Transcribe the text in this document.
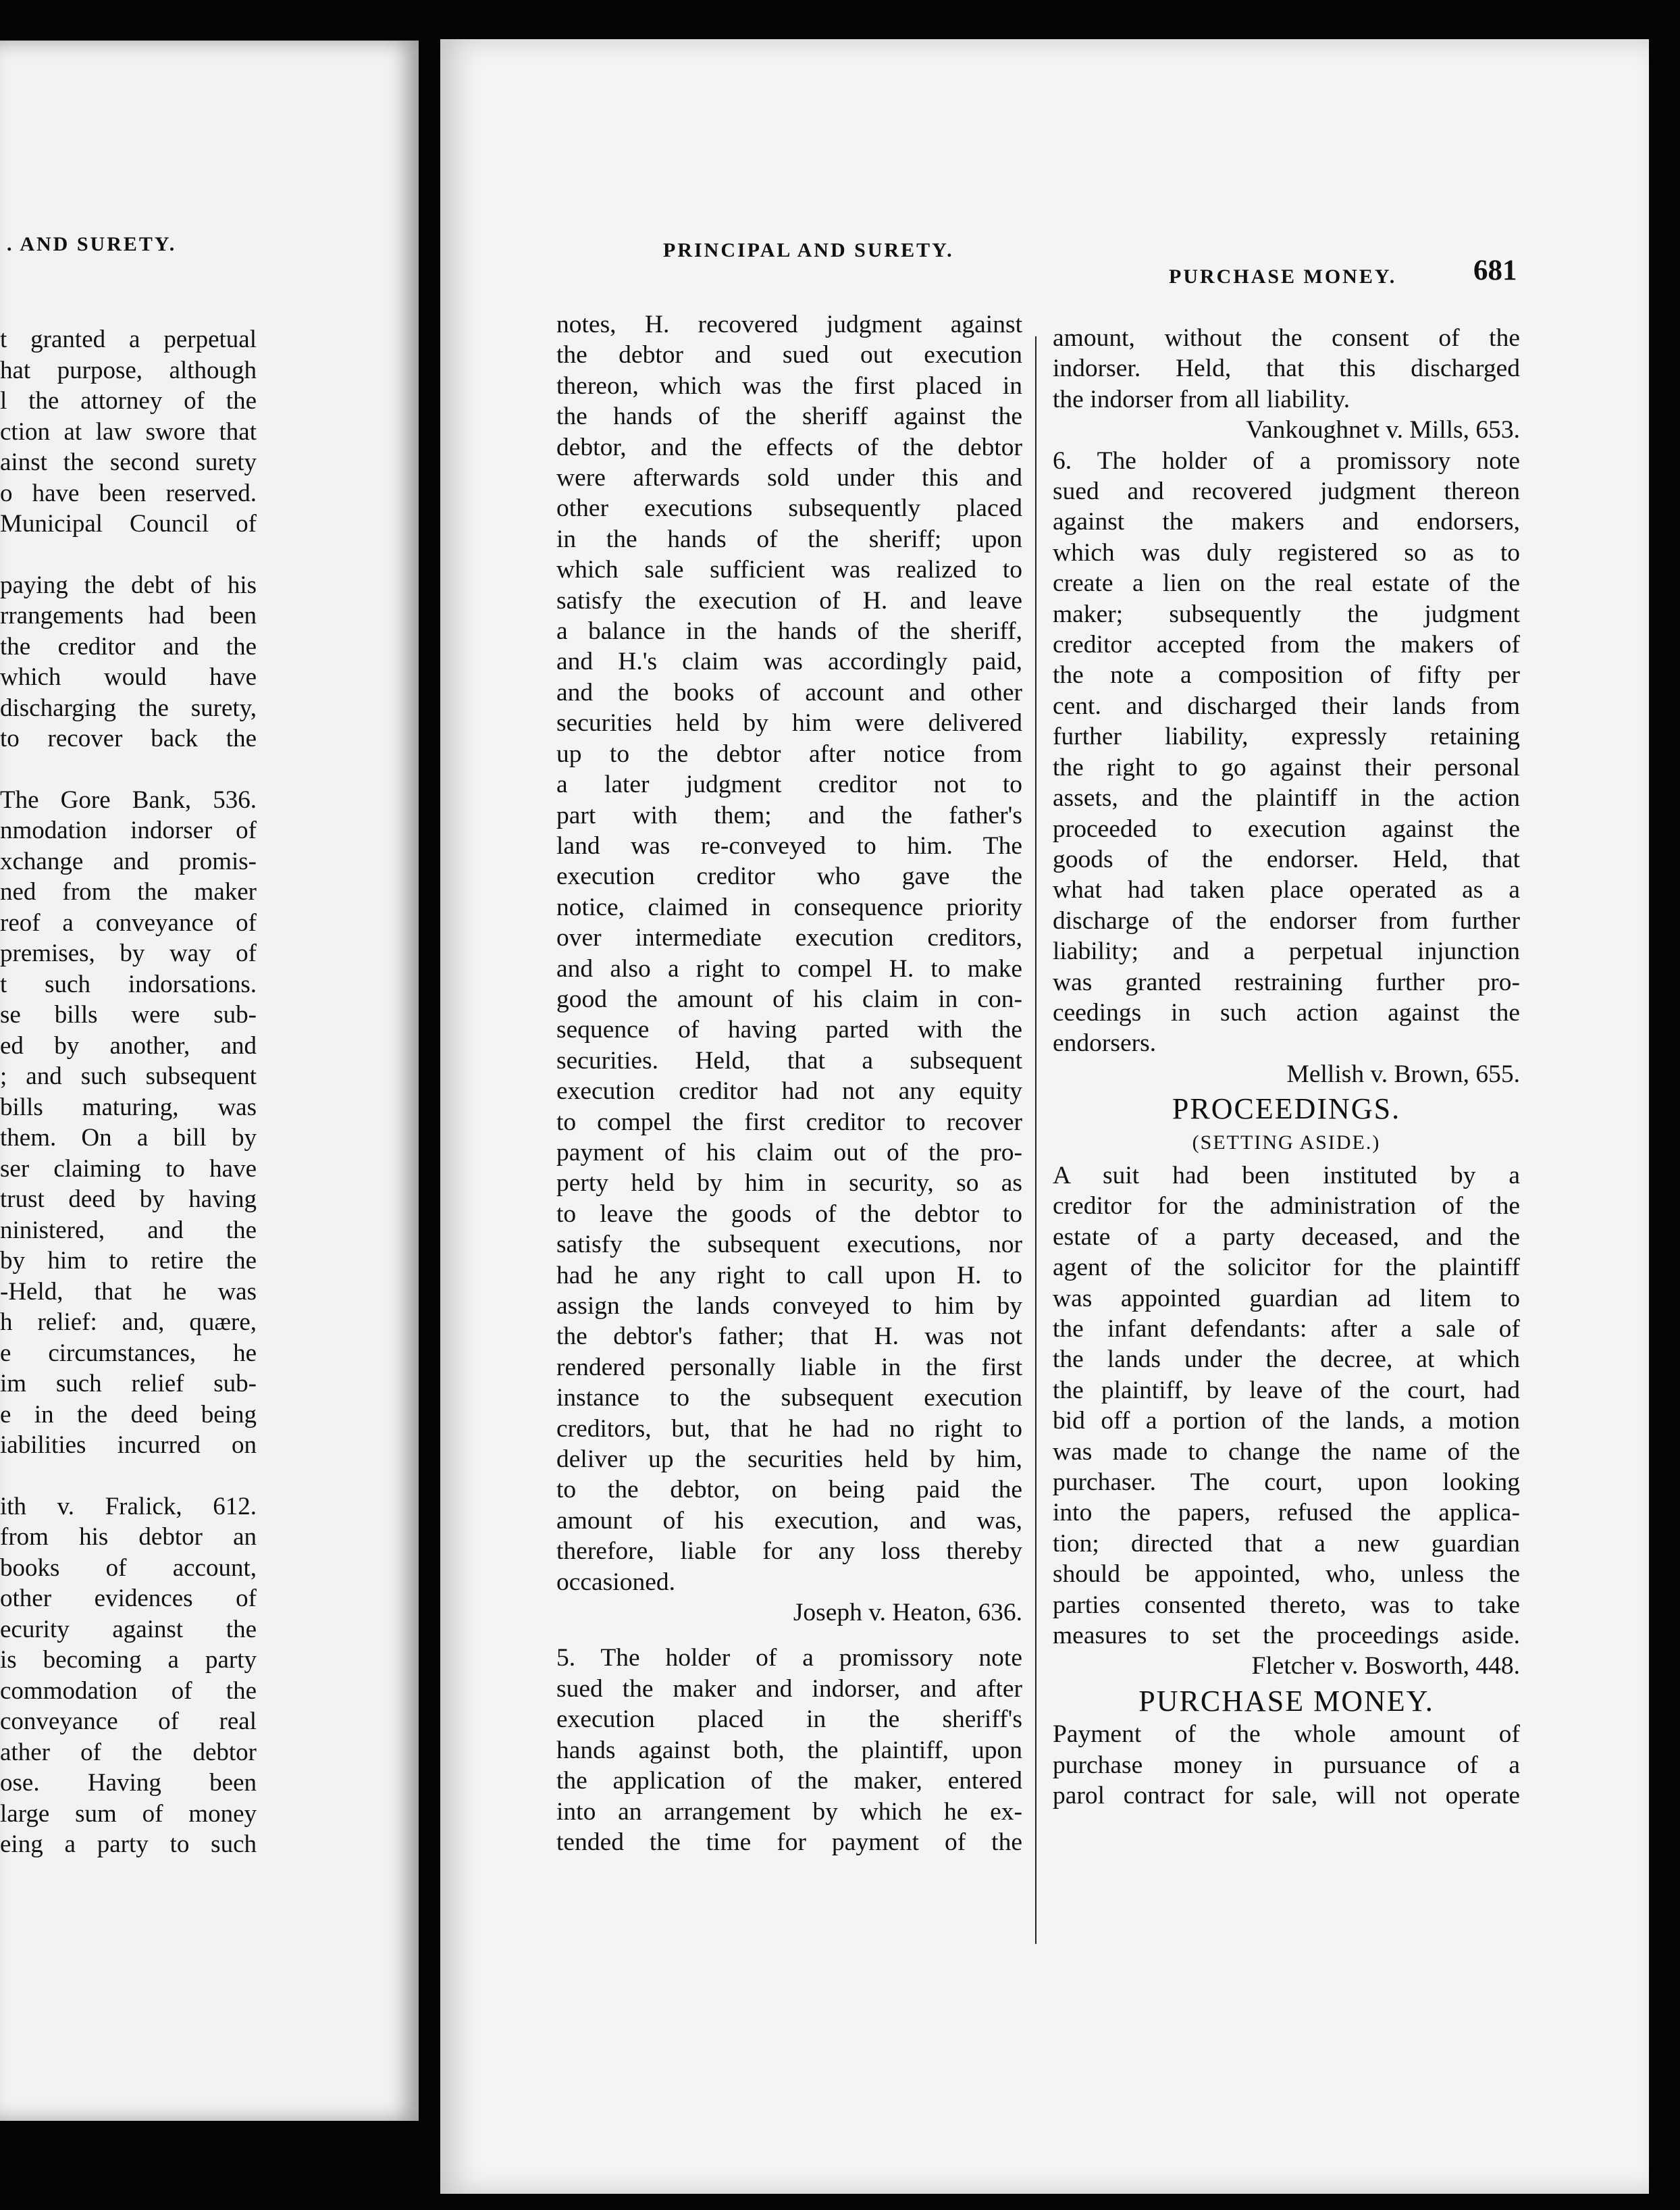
. AND SURETY.
t granted a perpetual
hat purpose, although
l the attorney of the
ction at law swore that
ainst the second surety
o have been reserved.
Municipal Council of
paying the debt of his
rrangements had been
the creditor and the
which would have
discharging the surety,
to recover back the
The Gore Bank, 536.
nmodation indorser of
xchange and promis-
ned from the maker
reof a conveyance of
premises, by way of
t such indorsations.
se bills were sub-
ed by another, and
; and such subsequent
bills maturing, was
them. On a bill by
ser claiming to have
trust deed by having
ninistered, and the
by him to retire the
-Held, that he was
h relief: and, quære,
e circumstances, he
im such relief sub-
e in the deed being
iabilities incurred on
ith v. Fralick, 612.
from his debtor an
books of account,
other evidences of
ecurity against the
is becoming a party
commodation of the
conveyance of real
ather of the debtor
ose. Having been
large sum of money
eing a party to such
PRINCIPAL AND SURETY.
PURCHASE MONEY.	681
notes, H. recovered judgment against
the debtor and sued out execution
thereon, which was the first placed in
the hands of the sheriff against the
debtor, and the effects of the debtor
were afterwards sold under this and
other executions subsequently placed
in the hands of the sheriff; upon
which sale sufficient was realized to
satisfy the execution of H. and leave
a balance in the hands of the sheriff,
and H.'s claim was accordingly paid,
and the books of account and other
securities held by him were delivered
up to the debtor after notice from
a later judgment creditor not to
part with them; and the father's
land was re-conveyed to him. The
execution creditor who gave the
notice, claimed in consequence priority
over intermediate execution creditors,
and also a right to compel H. to make
good the amount of his claim in con-
sequence of having parted with the
securities. Held, that a subsequent
execution creditor had not any equity
to compel the first creditor to recover
payment of his claim out of the pro-
perty held by him in security, so as
to leave the goods of the debtor to
satisfy the subsequent executions, nor
had he any right to call upon H. to
assign the lands conveyed to him by
the debtor's father; that H. was not
rendered personally liable in the first
instance to the subsequent execution
creditors, but, that he had no right to
deliver up the securities held by him,
to the debtor, on being paid the
amount of his execution, and was,
therefore, liable for any loss thereby
occasioned.
Joseph v. Heaton, 636.
5. The holder of a promissory note
sued the maker and indorser, and after
execution placed in the sheriff's
hands against both, the plaintiff, upon
the application of the maker, entered
into an arrangement by which he ex-
tended the time for payment of the
amount, without the consent of the
indorser. Held, that this discharged
the indorser from all liability.
Vankoughnet v. Mills, 653.
6. The holder of a promissory note
sued and recovered judgment thereon
against the makers and endorsers,
which was duly registered so as to
create a lien on the real estate of the
maker; subsequently the judgment
creditor accepted from the makers of
the note a composition of fifty per
cent. and discharged their lands from
further liability, expressly retaining
the right to go against their personal
assets, and the plaintiff in the action
proceeded to execution against the
goods of the endorser. Held, that
what had taken place operated as a
discharge of the endorser from further
liability; and a perpetual injunction
was granted restraining further pro-
ceedings in such action against the
endorsers.
Mellish v. Brown, 655.
PROCEEDINGS.
(SETTING ASIDE.)
A suit had been instituted by a
creditor for the administration of the
estate of a party deceased, and the
agent of the solicitor for the plaintiff
was appointed guardian ad litem to
the infant defendants: after a sale of
the lands under the decree, at which
the plaintiff, by leave of the court, had
bid off a portion of the lands, a motion
was made to change the name of the
purchaser. The court, upon looking
into the papers, refused the applica-
tion; directed that a new guardian
should be appointed, who, unless the
parties consented thereto, was to take
measures to set the proceedings aside.
Fletcher v. Bosworth, 448.
PURCHASE MONEY.
Payment of the whole amount of
purchase money in pursuance of a
parol contract for sale, will not operate
